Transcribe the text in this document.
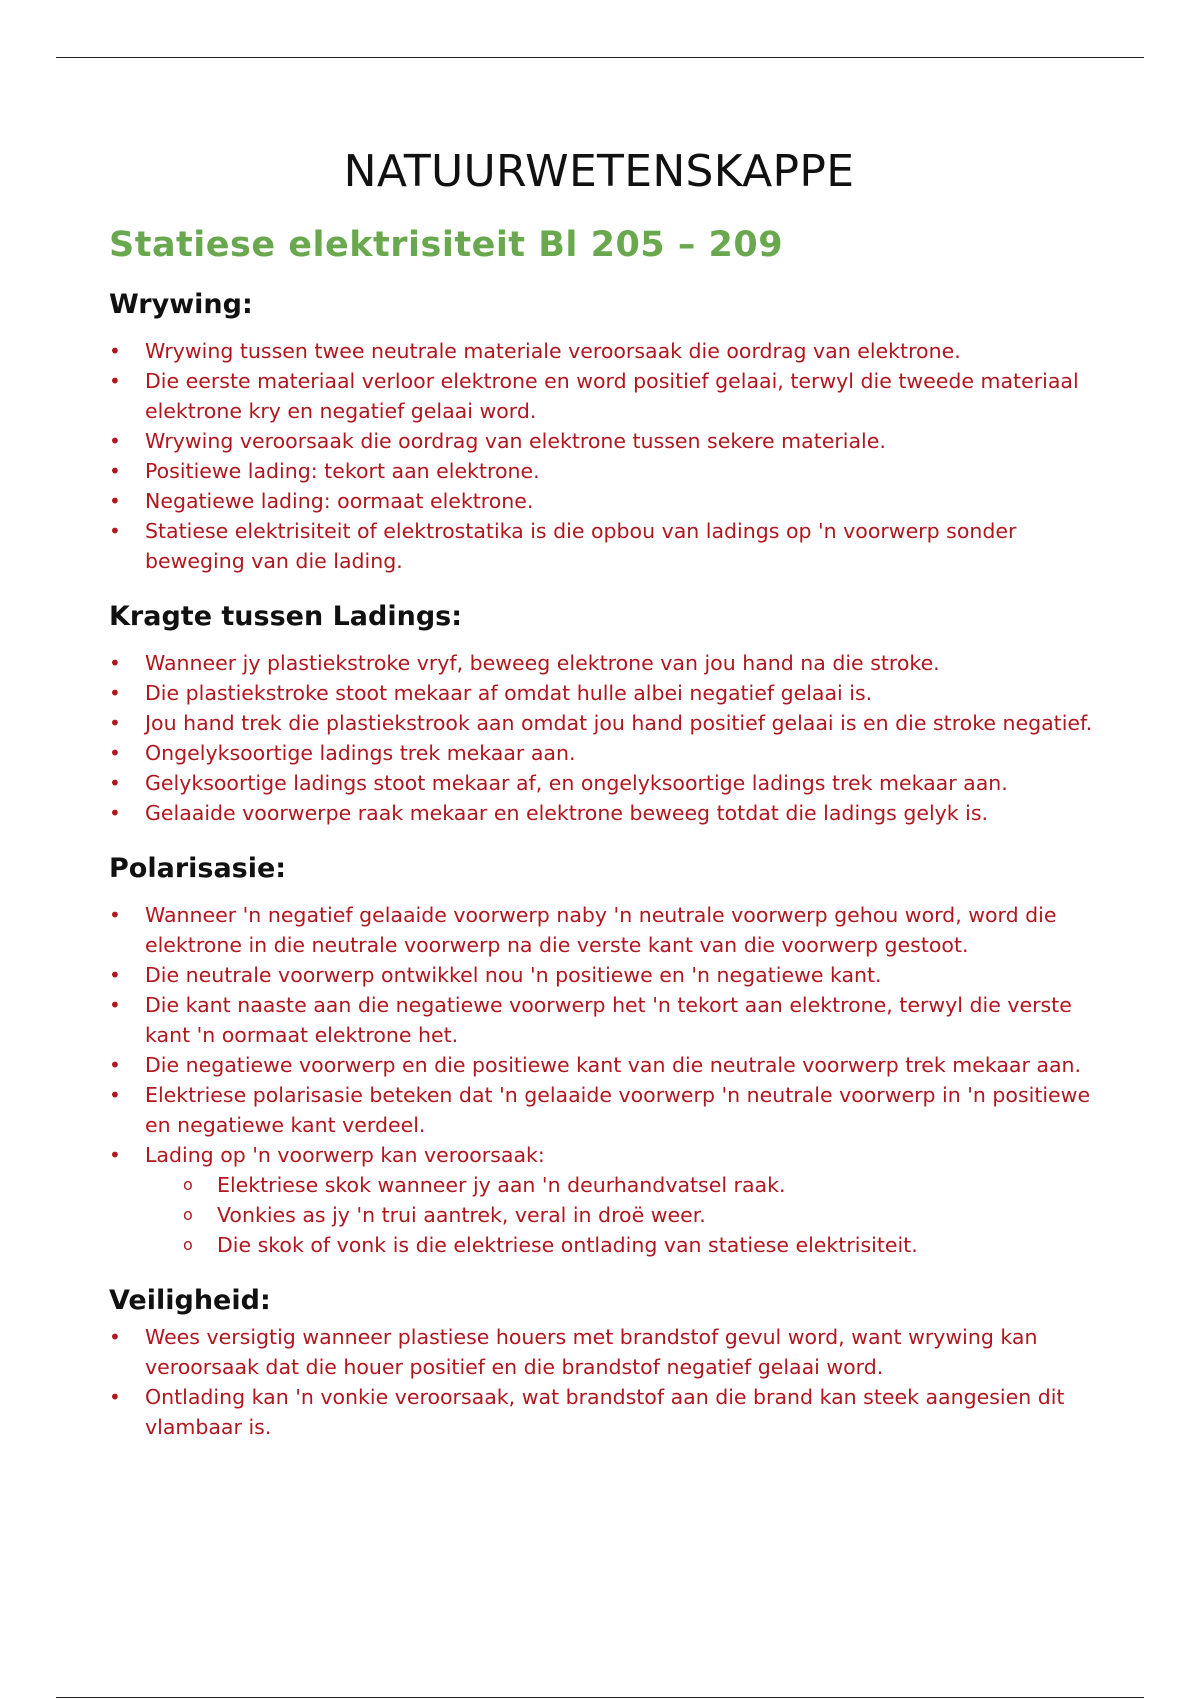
NATUURWETENSKAPPE
Statiese elektrisiteit Bl 205 – 209
Wrywing:
• Wrywing tussen twee neutrale materiale veroorsaak die oordrag van elektrone.
• Die eerste materiaal verloor elektrone en word positief gelaai, terwyl die tweede materiaal elektrone kry en negatief gelaai word.
• Wrywing veroorsaak die oordrag van elektrone tussen sekere materiale.
• Positiewe lading: tekort aan elektrone.
• Negatiewe lading: oormaat elektrone.
• Statiese elektrisiteit of elektrostatika is die opbou van ladings op 'n voorwerp sonder beweging van die lading.
Kragte tussen Ladings:
• Wanneer jy plastiekstroke vryf, beweeg elektrone van jou hand na die stroke.
• Die plastiekstroke stoot mekaar af omdat hulle albei negatief gelaai is.
• Jou hand trek die plastiekstrook aan omdat jou hand positief gelaai is en die stroke negatief.
• Ongelyksoortige ladings trek mekaar aan.
• Gelyksoortige ladings stoot mekaar af, en ongelyksoortige ladings trek mekaar aan.
• Gelaaide voorwerpe raak mekaar en elektrone beweeg totdat die ladings gelyk is.
Polarisasie:
• Wanneer 'n negatief gelaaide voorwerp naby 'n neutrale voorwerp gehou word, word die elektrone in die neutrale voorwerp na die verste kant van die voorwerp gestoot.
• Die neutrale voorwerp ontwikkel nou 'n positiewe en 'n negatiewe kant.
• Die kant naaste aan die negatiewe voorwerp het 'n tekort aan elektrone, terwyl die verste kant 'n oormaat elektrone het.
• Die negatiewe voorwerp en die positiewe kant van die neutrale voorwerp trek mekaar aan.
• Elektriese polarisasie beteken dat 'n gelaaide voorwerp 'n neutrale voorwerp in 'n positiewe en negatiewe kant verdeel.
• Lading op 'n voorwerp kan veroorsaak:
o Elektriese skok wanneer jy aan 'n deurhandvatsel raak.
o Vonkies as jy 'n trui aantrek, veral in droë weer.
o Die skok of vonk is die elektriese ontlading van statiese elektrisiteit.
Veiligheid:
• Wees versigtig wanneer plastiese houers met brandstof gevul word, want wrywing kan veroorsaak dat die houer positief en die brandstof negatief gelaai word.
• Ontlading kan 'n vonkie veroorsaak, wat brandstof aan die brand kan steek aangesien dit vlambaar is.
